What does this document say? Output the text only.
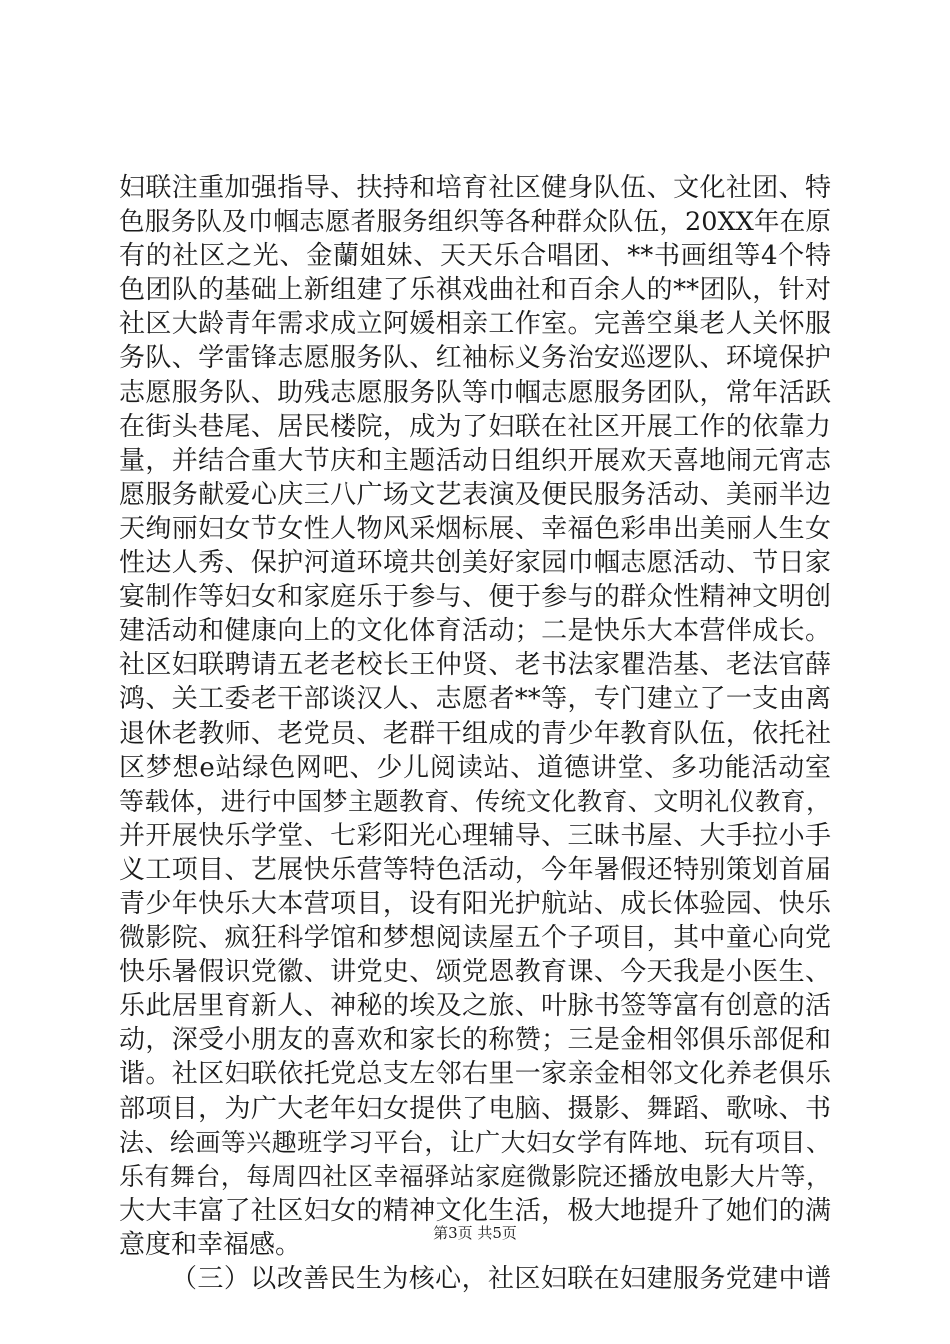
妇联注重加强指导、扶持和培育社区健身队伍、文化社团、特
色服务队及巾帼志愿者服务组织等各种群众队伍，20XX年在原
有的社区之光、金蘭姐妹、天天乐合唱团、**书画组等4个特
色团队的基础上新组建了乐祺戏曲社和百余人的**团队，针对
社区大龄青年需求成立阿媛相亲工作室。完善空巢老人关怀服
务队、学雷锋志愿服务队、红袖标义务治安巡逻队、环境保护
志愿服务队、助残志愿服务队等巾帼志愿服务团队，常年活跃
在街头巷尾、居民楼院，成为了妇联在社区开展工作的依靠力
量，并结合重大节庆和主题活动日组织开展欢天喜地闹元宵志
愿服务献爱心庆三八广场文艺表演及便民服务活动、美丽半边
天绚丽妇女节女性人物风采烟标展、幸福色彩串出美丽人生女
性达人秀、保护河道环境共创美好家园巾帼志愿活动、节日家
宴制作等妇女和家庭乐于参与、便于参与的群众性精神文明创
建活动和健康向上的文化体育活动；二是快乐大本营伴成长。
社区妇联聘请五老老校长王仲贤、老书法家瞿浩基、老法官薛
鸿、关工委老干部谈汉人、志愿者**等，专门建立了一支由离
退休老教师、老党员、老群干组成的青少年教育队伍，依托社
区梦想e站绿色网吧、少儿阅读站、道德讲堂、多功能活动室
等载体，进行中国梦主题教育、传统文化教育、文明礼仪教育，
并开展快乐学堂、七彩阳光心理辅导、三昧书屋、大手拉小手
义工项目、艺展快乐营等特色活动，今年暑假还特别策划首届
青少年快乐大本营项目，设有阳光护航站、成长体验园、快乐
微影院、疯狂科学馆和梦想阅读屋五个子项目，其中童心向党
快乐暑假识党徽、讲党史、颂党恩教育课、今天我是小医生、
乐此居里育新人、神秘的埃及之旅、叶脉书签等富有创意的活
动，深受小朋友的喜欢和家长的称赞；三是金相邻俱乐部促和
谐。社区妇联依托党总支左邻右里一家亲金相邻文化养老俱乐
部项目，为广大老年妇女提供了电脑、摄影、舞蹈、歌咏、书
法、绘画等兴趣班学习平台，让广大妇女学有阵地、玩有项目、
乐有舞台，每周四社区幸福驿站家庭微影院还播放电影大片等，
大大丰富了社区妇女的精神文化生活，极大地提升了她们的满
意度和幸福感。
（三）以改善民生为核心，社区妇联在妇建服务党建中谱
第3页 共5页
